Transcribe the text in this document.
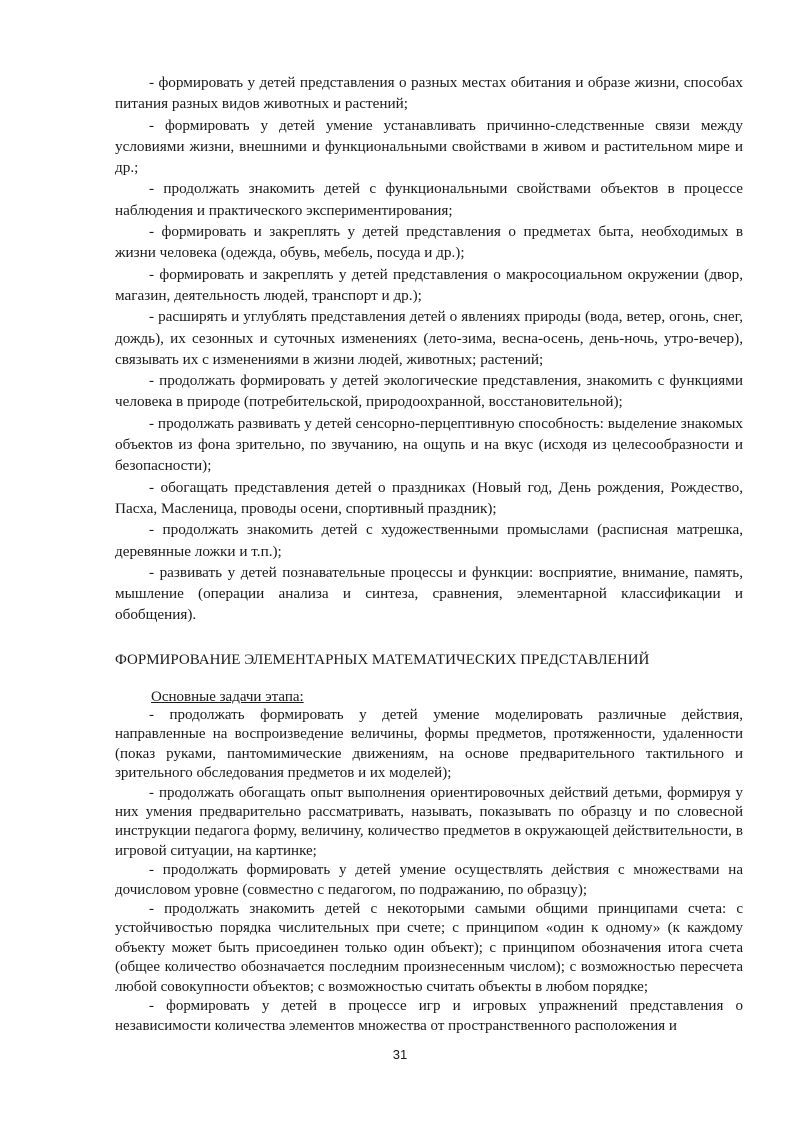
- формировать у детей представления о разных местах обитания и образе жизни, способах питания разных видов животных и растений;

- формировать у детей умение устанавливать причинно-следственные связи между условиями жизни, внешними и функциональными свойствами в живом и растительном мире и др.;

- продолжать знакомить детей с функциональными свойствами объектов в процессе наблюдения и практического экспериментирования;

- формировать и закреплять у детей представления о предметах быта, необходимых в жизни человека (одежда, обувь, мебель, посуда и др.);

- формировать и закреплять у детей представления о макросоциальном окружении (двор, магазин, деятельность людей, транспорт и др.);

- расширять и углублять представления детей о явлениях природы (вода, ветер, огонь, снег, дождь), их сезонных и суточных изменениях (лето-зима, весна-осень, день-ночь, утро-вечер), связывать их с изменениями в жизни людей, животных; растений;

- продолжать формировать у детей экологические представления, знакомить с функциями человека в природе (потребительской, природоохранной, восстановительной);

- продолжать развивать у детей сенсорно-перцептивную способность: выделение знакомых объектов из фона зрительно, по звучанию, на ощупь и на вкус (исходя из целесообразности и безопасности);

- обогащать представления детей о праздниках (Новый год, День рождения, Рождество, Пасха, Масленица, проводы осени, спортивный праздник);

- продолжать знакомить детей с художественными промыслами (расписная матрешка, деревянные ложки и т.п.);

- развивать у детей познавательные процессы и функции: восприятие, внимание, память, мышление (операции анализа и синтеза, сравнения, элементарной классификации и обобщения).

ФОРМИРОВАНИЕ ЭЛЕМЕНТАРНЫХ МАТЕМАТИЧЕСКИХ ПРЕДСТАВЛЕНИЙ
Основные задачи этапа:

- продолжать формировать у детей умение моделировать различные действия, направленные на воспроизведение величины, формы предметов, протяженности, удаленности (показ руками, пантомимические движениям, на основе предварительного тактильного и зрительного обследования предметов и их моделей);

- продолжать обогащать опыт выполнения ориентировочных действий детьми, формируя у них умения предварительно рассматривать, называть, показывать по образцу и по словесной инструкции педагога форму, величину, количество предметов в окружающей действительности, в игровой ситуации, на картинке;

- продолжать формировать у детей умение осуществлять действия с множествами на дочисловом уровне (совместно с педагогом, по подражанию, по образцу);

- продолжать знакомить детей с некоторыми самыми общими принципами счета: с устойчивостью порядка числительных при счете; с принципом «один к одному» (к каждому объекту может быть присоединен только один объект); с принципом обозначения итога счета (общее количество обозначается последним произнесенным числом); с возможностью пересчета любой совокупности объектов; с возможностью считать объекты в любом порядке;

- формировать у детей в процессе игр и игровых упражнений представления о независимости количества элементов множества от пространственного расположения и

31
